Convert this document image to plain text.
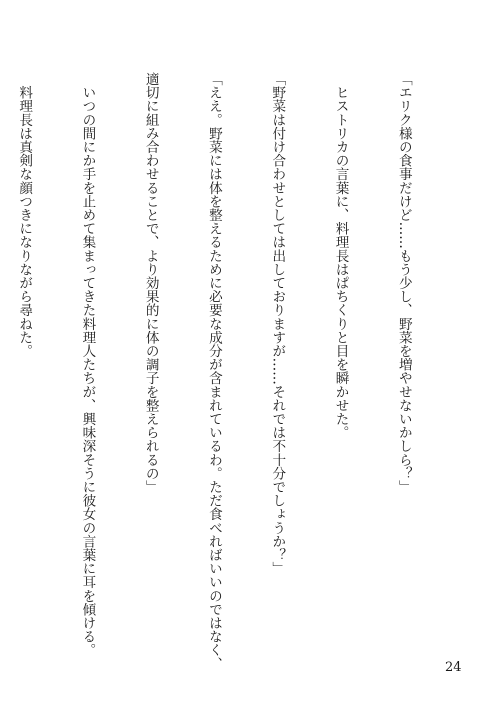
「エリク様の食事だけど……もう少し、野菜を増やせないかしら？」

　ヒストリカの言葉に、料理長はぱちくりと目を瞬かせた。

「野菜は付け合わせとしては出しておりますが……それでは不十分でしょうか？」

「ええ。野菜には体を整えるために必要な成分が含まれているわ。ただ食べればいいのではなく、

適切に組み合わせることで、より効果的に体の調子を整えられるの」

　いつの間にか手を止めて集まってきた料理人たちが、興味深そうに彼女の言葉に耳を傾ける。

　料理長は真剣な顔つきになりながら尋ねた。

24
